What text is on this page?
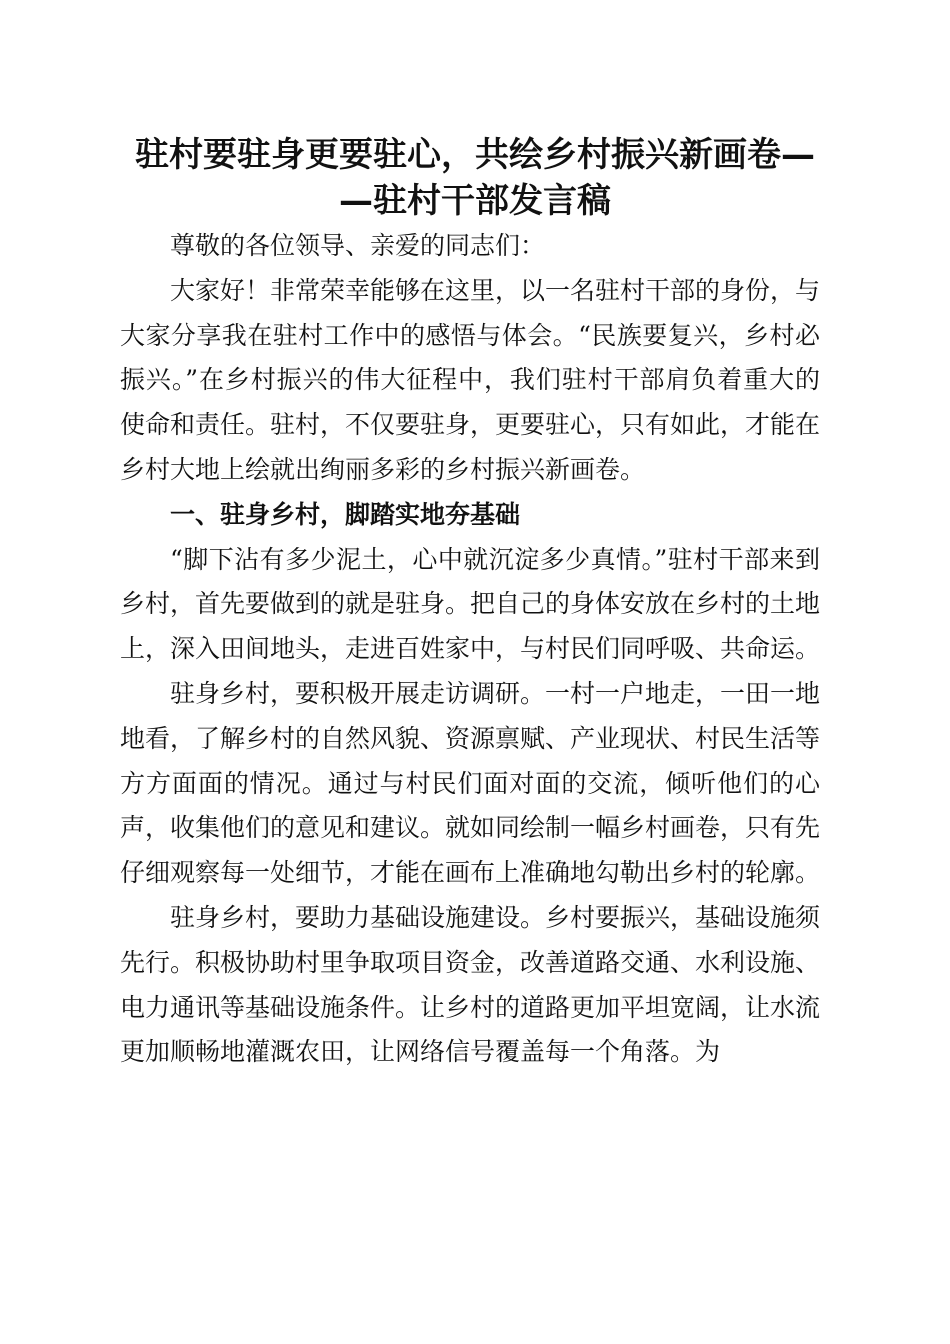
驻村要驻身更要驻心，共绘乡村振兴新画卷—
—驻村干部发言稿

尊敬的各位领导、亲爱的同志们：

大家好！非常荣幸能够在这里，以一名驻村干部的身份，与大家分享我在驻村工作中的感悟与体会。“民族要复兴，乡村必振兴。”在乡村振兴的伟大征程中，我们驻村干部肩负着重大的使命和责任。驻村，不仅要驻身，更要驻心，只有如此，才能在乡村大地上绘就出绚丽多彩的乡村振兴新画卷。

一、驻身乡村，脚踏实地夯基础

“脚下沾有多少泥土，心中就沉淀多少真情。”驻村干部来到乡村，首先要做到的就是驻身。把自己的身体安放在乡村的土地上，深入田间地头，走进百姓家中，与村民们同呼吸、共命运。

驻身乡村，要积极开展走访调研。一村一户地走，一田一地地看，了解乡村的自然风貌、资源禀赋、产业现状、村民生活等方方面面的情况。通过与村民们面对面的交流，倾听他们的心声，收集他们的意见和建议。就如同绘制一幅乡村画卷，只有先仔细观察每一处细节，才能在画布上准确地勾勒出乡村的轮廓。

驻身乡村，要助力基础设施建设。乡村要振兴，基础设施须先行。积极协助村里争取项目资金，改善道路交通、水利设施、电力通讯等基础设施条件。让乡村的道路更加平坦宽阔，让水流更加顺畅地灌溉农田，让网络信号覆盖每一个角落。为
